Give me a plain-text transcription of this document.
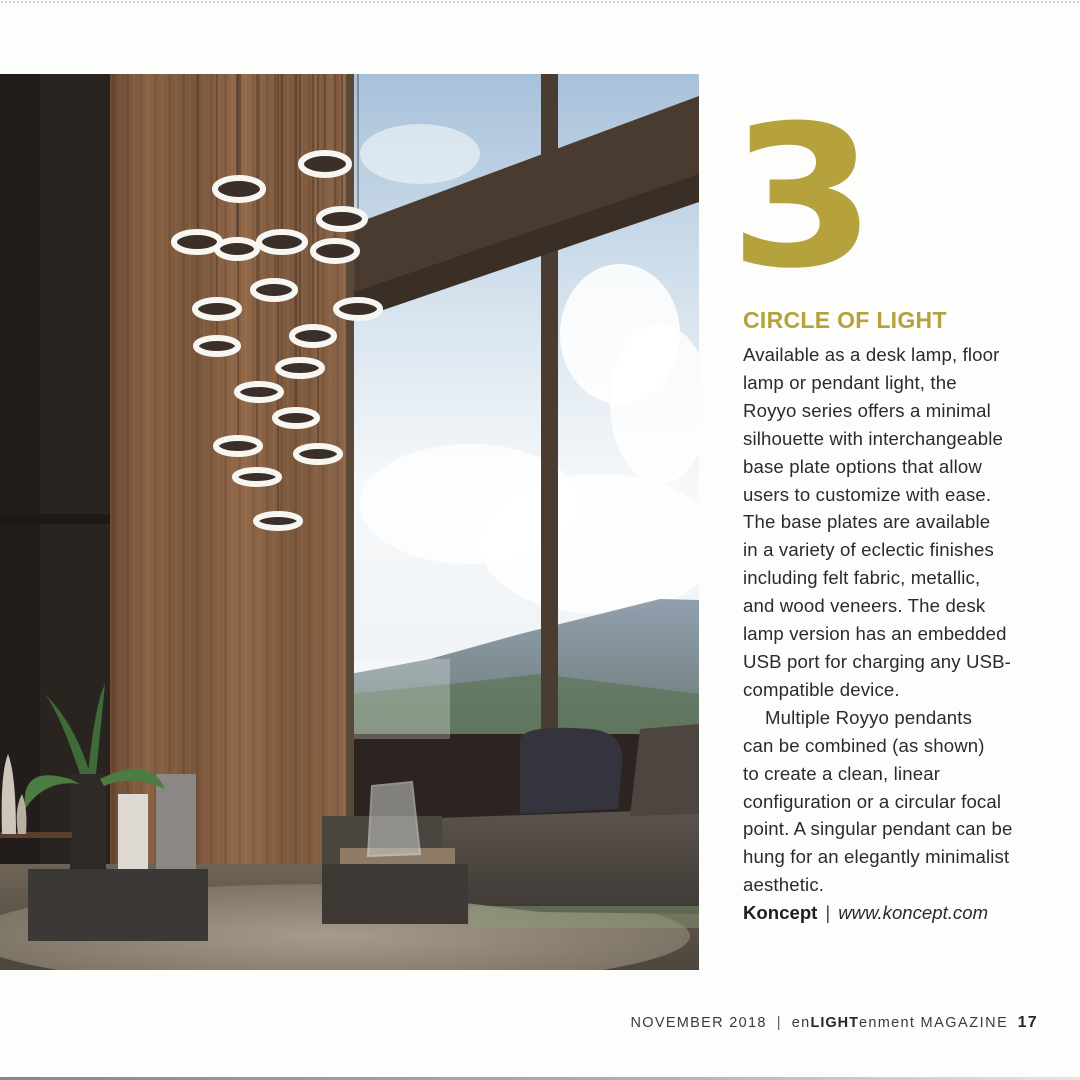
3
CIRCLE OF LIGHT

Available as a desk lamp, floor
lamp or pendant light, the
Royyo series offers a minimal
silhouette with interchangeable
base plate options that allow
users to customize with ease.
The base plates are available
in a variety of eclectic finishes
including felt fabric, metallic,
and wood veneers. The desk
lamp version has an embedded
USB port for charging any USB-
compatible device.

Multiple Royyo pendants
can be combined (as shown)
to create a clean, linear
configuration or a circular focal
point. A singular pendant can be
hung for an elegantly minimalist
aesthetic.

Koncept | www.koncept.com
NOVEMBER 2018 | enLIGHTenment MAGAZINE 17
